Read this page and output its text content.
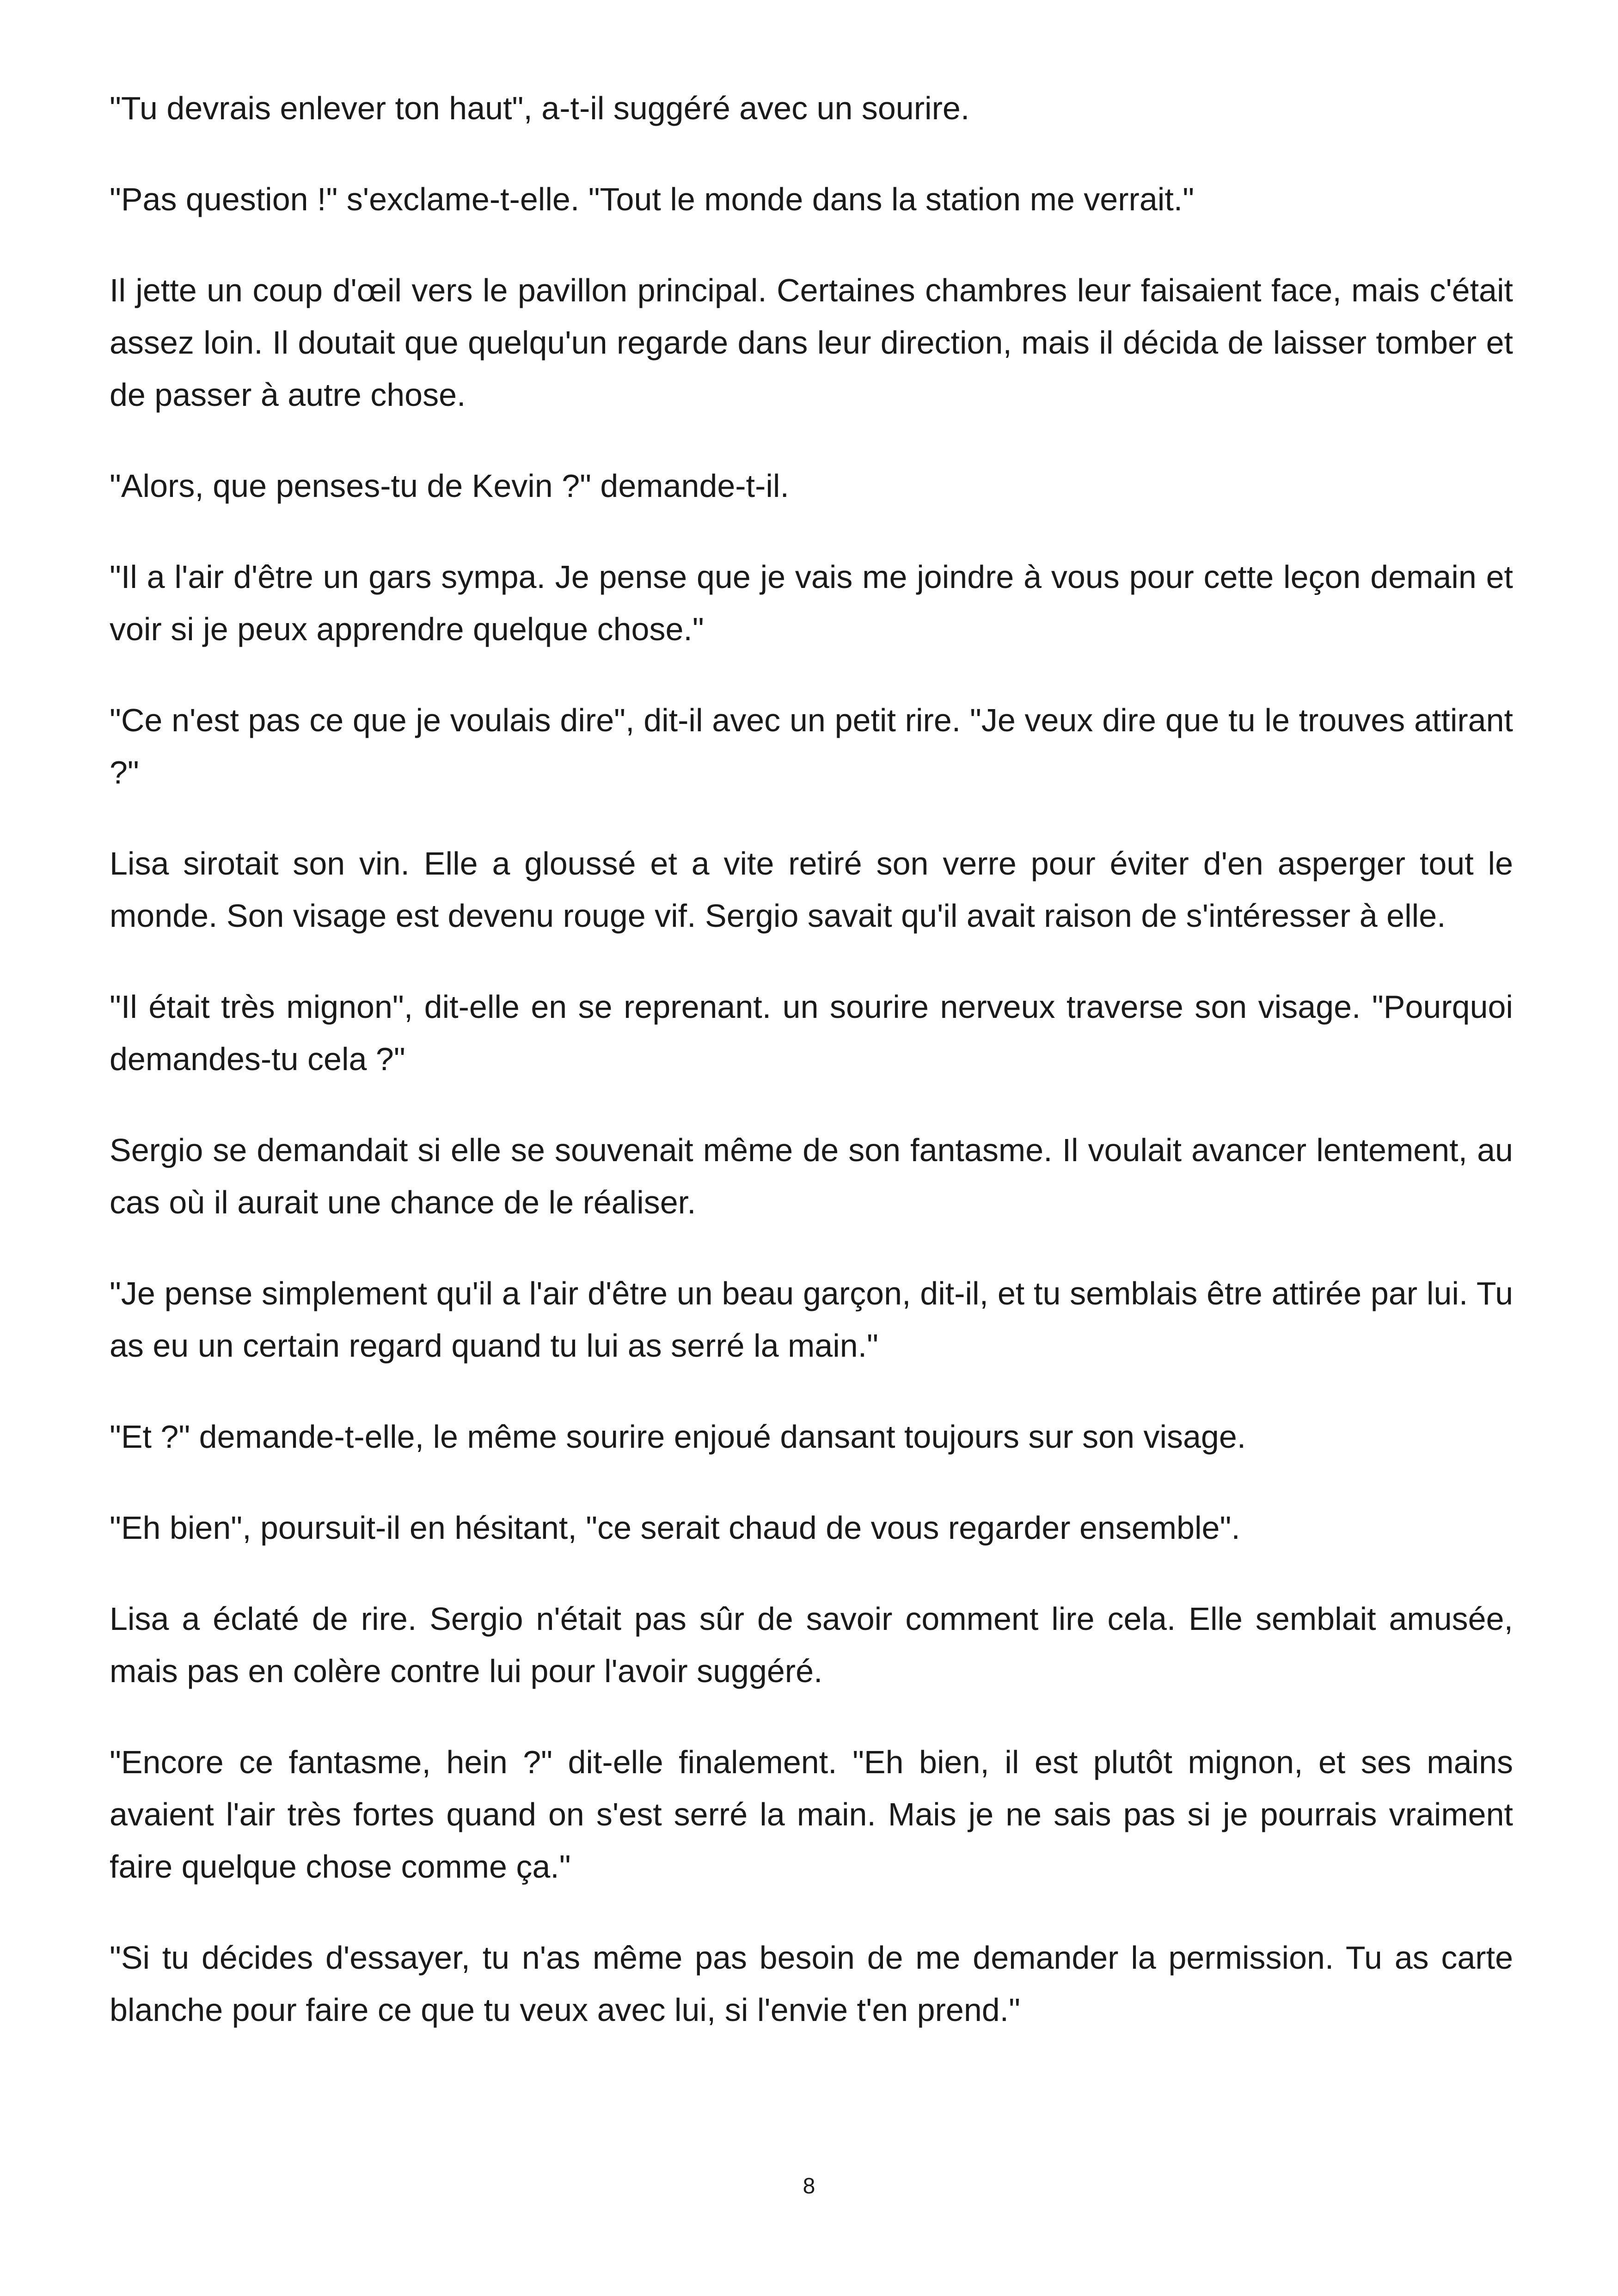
"Tu devrais enlever ton haut", a-t-il suggéré avec un sourire.

"Pas question !" s'exclame-t-elle. "Tout le monde dans la station me verrait."

Il jette un coup d'œil vers le pavillon principal. Certaines chambres leur faisaient face, mais c'était assez loin. Il doutait que quelqu'un regarde dans leur direction, mais il décida de laisser tomber et de passer à autre chose.

"Alors, que penses-tu de Kevin ?" demande-t-il.

"Il a l'air d'être un gars sympa. Je pense que je vais me joindre à vous pour cette leçon demain et voir si je peux apprendre quelque chose."

"Ce n'est pas ce que je voulais dire", dit-il avec un petit rire. "Je veux dire que tu le trouves attirant ?"

Lisa sirotait son vin. Elle a gloussé et a vite retiré son verre pour éviter d'en asperger tout le monde. Son visage est devenu rouge vif. Sergio savait qu'il avait raison de s'intéresser à elle.

"Il était très mignon", dit-elle en se reprenant. un sourire nerveux traverse son visage. "Pourquoi demandes-tu cela ?"

Sergio se demandait si elle se souvenait même de son fantasme. Il voulait avancer lentement, au cas où il aurait une chance de le réaliser.

"Je pense simplement qu'il a l'air d'être un beau garçon, dit-il, et tu semblais être attirée par lui. Tu as eu un certain regard quand tu lui as serré la main."

"Et ?" demande-t-elle, le même sourire enjoué dansant toujours sur son visage.

"Eh bien", poursuit-il en hésitant, "ce serait chaud de vous regarder ensemble".

Lisa a éclaté de rire. Sergio n'était pas sûr de savoir comment lire cela. Elle semblait amusée, mais pas en colère contre lui pour l'avoir suggéré.

"Encore ce fantasme, hein ?" dit-elle finalement. "Eh bien, il est plutôt mignon, et ses mains avaient l'air très fortes quand on s'est serré la main. Mais je ne sais pas si je pourrais vraiment faire quelque chose comme ça."

"Si tu décides d'essayer, tu n'as même pas besoin de me demander la permission. Tu as carte blanche pour faire ce que tu veux avec lui, si l'envie t'en prend."

8
